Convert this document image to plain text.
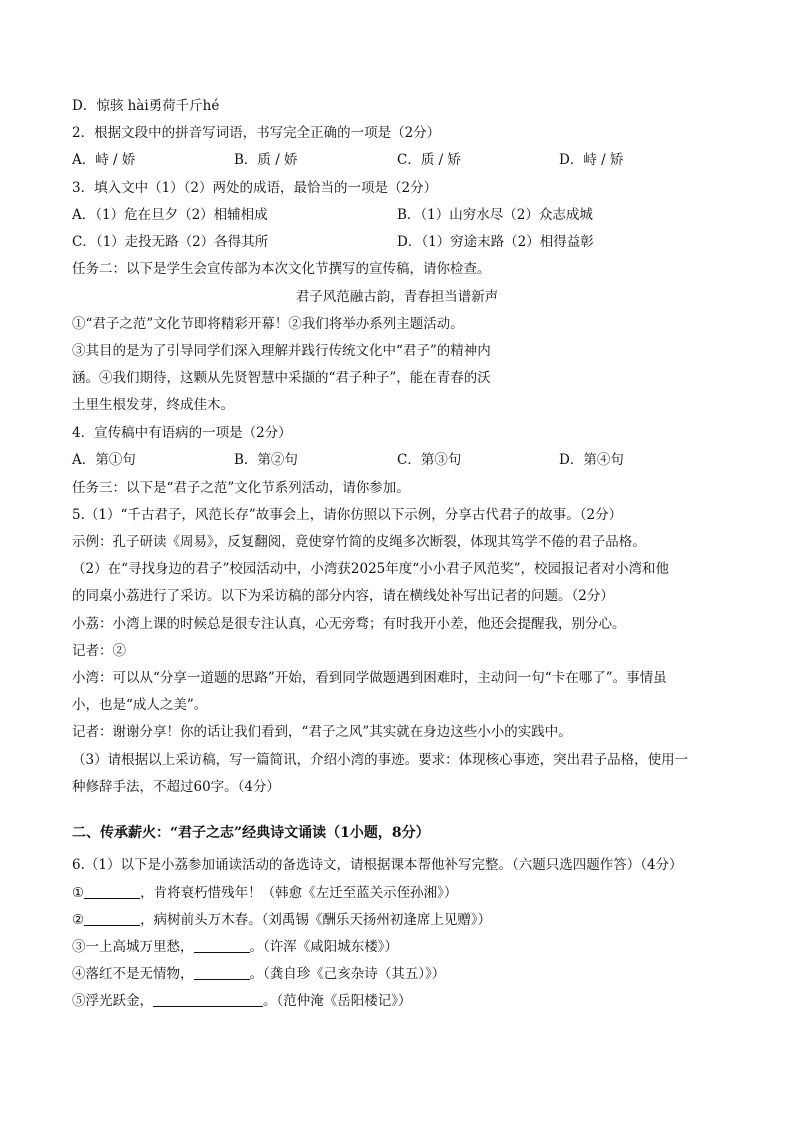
D．惊骇 hài勇荷千斤hé
2．根据文段中的拼音写词语，书写完全正确的一项是（2分）
A．峙 / 娇	B．质 / 娇	C．质 / 矫	D．峙 / 矫
3．填入文中（1）（2）两处的成语，最恰当的一项是（2分）
A．（1）危在旦夕（2）相辅相成	B．（1）山穷水尽（2）众志成城
C．（1）走投无路（2）各得其所	D．（1）穷途末路（2）相得益彰
任务二：以下是学生会宣传部为本次文化节撰写的宣传稿，请你检查。
君子风范融古韵，青春担当谱新声
①“君子之范”文化节即将精彩开幕！②我们将举办系列主题活动。
③其目的是为了引导同学们深入理解并践行传统文化中“君子”的精神内
涵。④我们期待，这颗从先贤智慧中采撷的“君子种子”，能在青春的沃
土里生根发芽，终成佳木。
4．宣传稿中有语病的一项是（2分）
A．第①句	B．第②句	C．第③句	D．第④句
任务三：以下是“君子之范”文化节系列活动，请你参加。
5.（1）“千古君子，风范长存”故事会上，请你仿照以下示例，分享古代君子的故事。（2分）
示例：孔子研读《周易》，反复翻阅，竟使穿竹简的皮绳多次断裂，体现其笃学不倦的君子品格。
（2）在“寻找身边的君子”校园活动中，小湾获2025年度“小小君子风范奖”，校园报记者对小湾和他
的同桌小荔进行了采访。以下为采访稿的部分内容，请在横线处补写出记者的问题。（2分）
小荔：小湾上课的时候总是很专注认真，心无旁骛；有时我开小差，他还会提醒我，别分心。
记者：②
小湾：可以从“分享一道题的思路”开始，看到同学做题遇到困难时，主动问一句“卡在哪了”。事情虽
小，也是“成人之美”。
记者：谢谢分享！你的话让我们看到，“君子之风”其实就在身边这些小小的实践中。
（3）请根据以上采访稿，写一篇简讯，介绍小湾的事迹。要求：体现核心事迹，突出君子品格，使用一
种修辞手法，不超过60字。（4分）
二、传承薪火：“君子之志”经典诗文诵读（1小题，8分）
6.（1）以下是小荔参加诵读活动的备选诗文，请根据课本帮他补写完整。（六题只选四题作答）（4分）
①	，肯将衰朽惜残年！（韩愈《左迁至蓝关示侄孙湘》）
②	，病树前头万木春。（刘禹锡《酬乐天扬州初逢席上见赠》）
③一上高城万里愁，	。（许浑《咸阳城东楼》）
④落红不是无情物，	。（龚自珍《己亥杂诗（其五）》）
⑤浮光跃金，	。（范仲淹《岳阳楼记》）
